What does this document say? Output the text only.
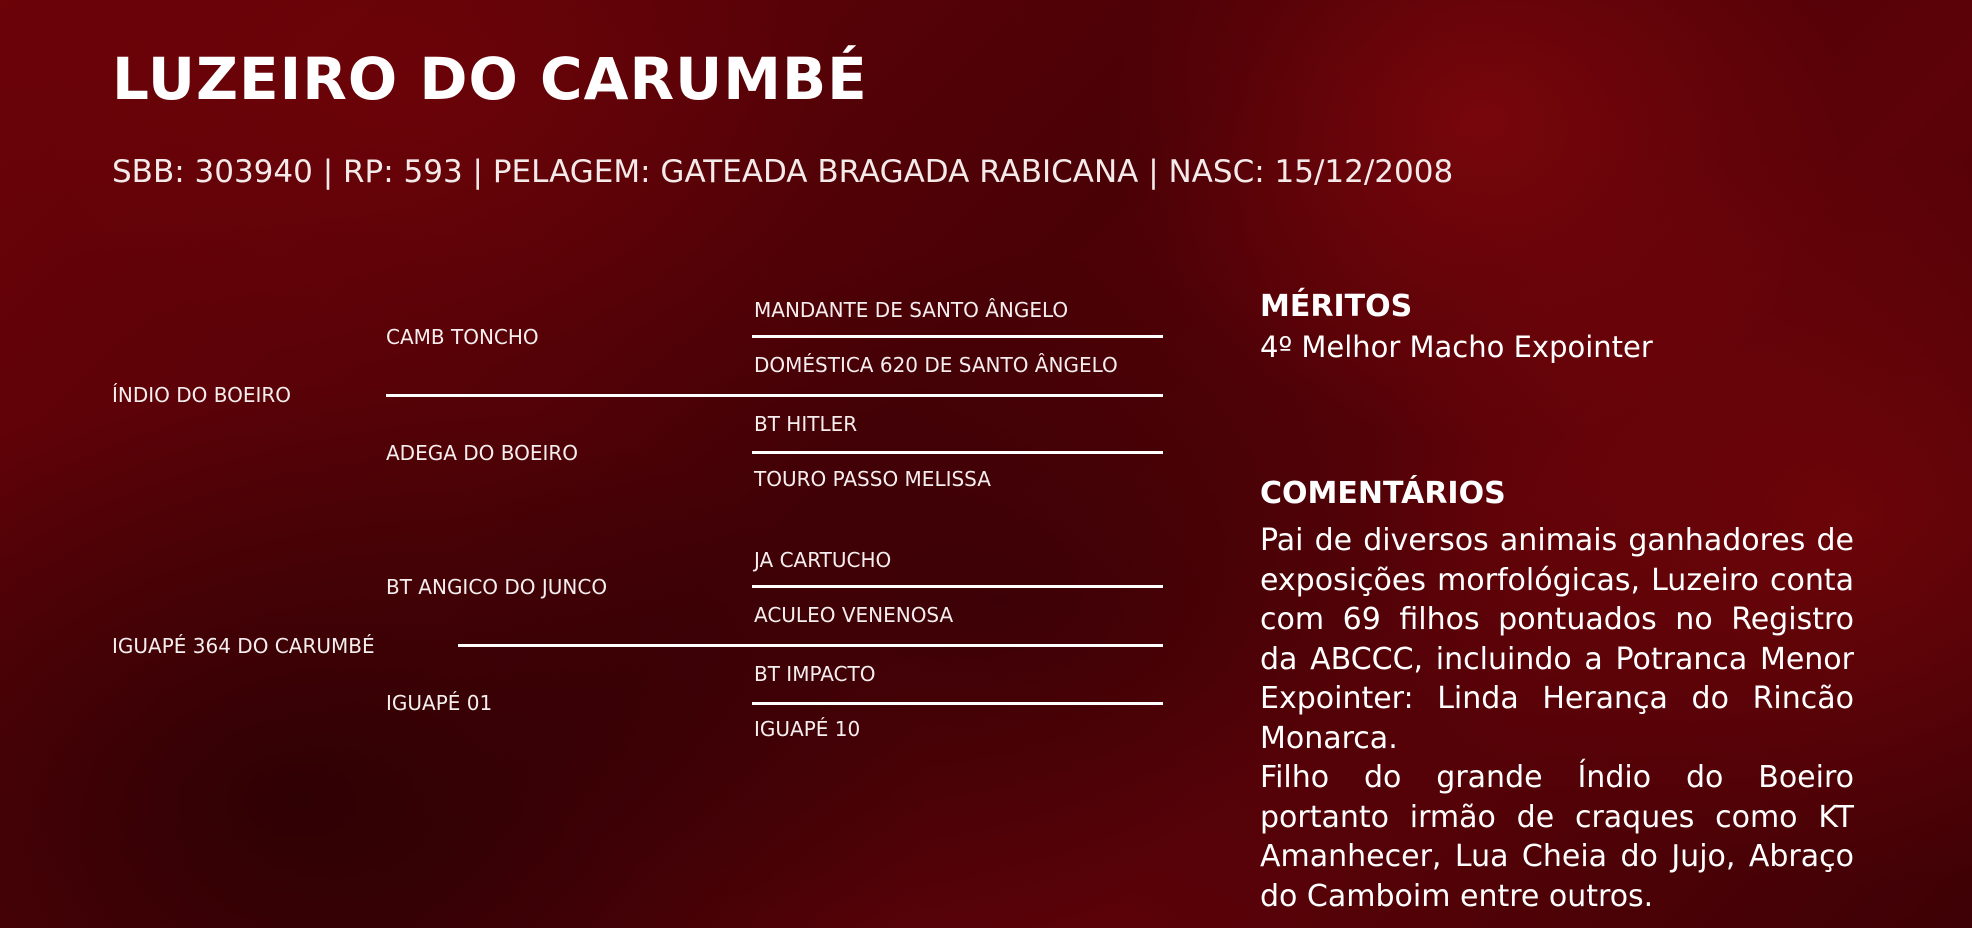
LUZEIRO DO CARUMBÉ
SBB: 303940 | RP: 593 | PELAGEM: GATEADA BRAGADA RABICANA | NASC: 15/12/2008
ÍNDIO DO BOEIRO
IGUAPÉ 364 DO CARUMBÉ
CAMB TONCHO
ADEGA DO BOEIRO
BT ANGICO DO JUNCO
IGUAPÉ 01
MANDANTE DE SANTO ÂNGELO
DOMÉSTICA 620 DE SANTO ÂNGELO
BT HITLER
TOURO PASSO MELISSA
JA CARTUCHO
ACULEO VENENOSA
BT IMPACTO
IGUAPÉ 10
MÉRITOS
4º Melhor Macho Expointer
COMENTÁRIOS

Pai de diversos animais ganhadores de exposições morfológicas, Luzeiro conta com 69 filhos pontuados no Registro da ABCCC, incluindo a Potranca Menor Expointer: Linda Herança do Rincão Monarca.

Filho do grande Índio do Boeiro portanto irmão de craques como KT Amanhecer, Lua Cheia do Jujo, Abraço do Camboim entre outros.
